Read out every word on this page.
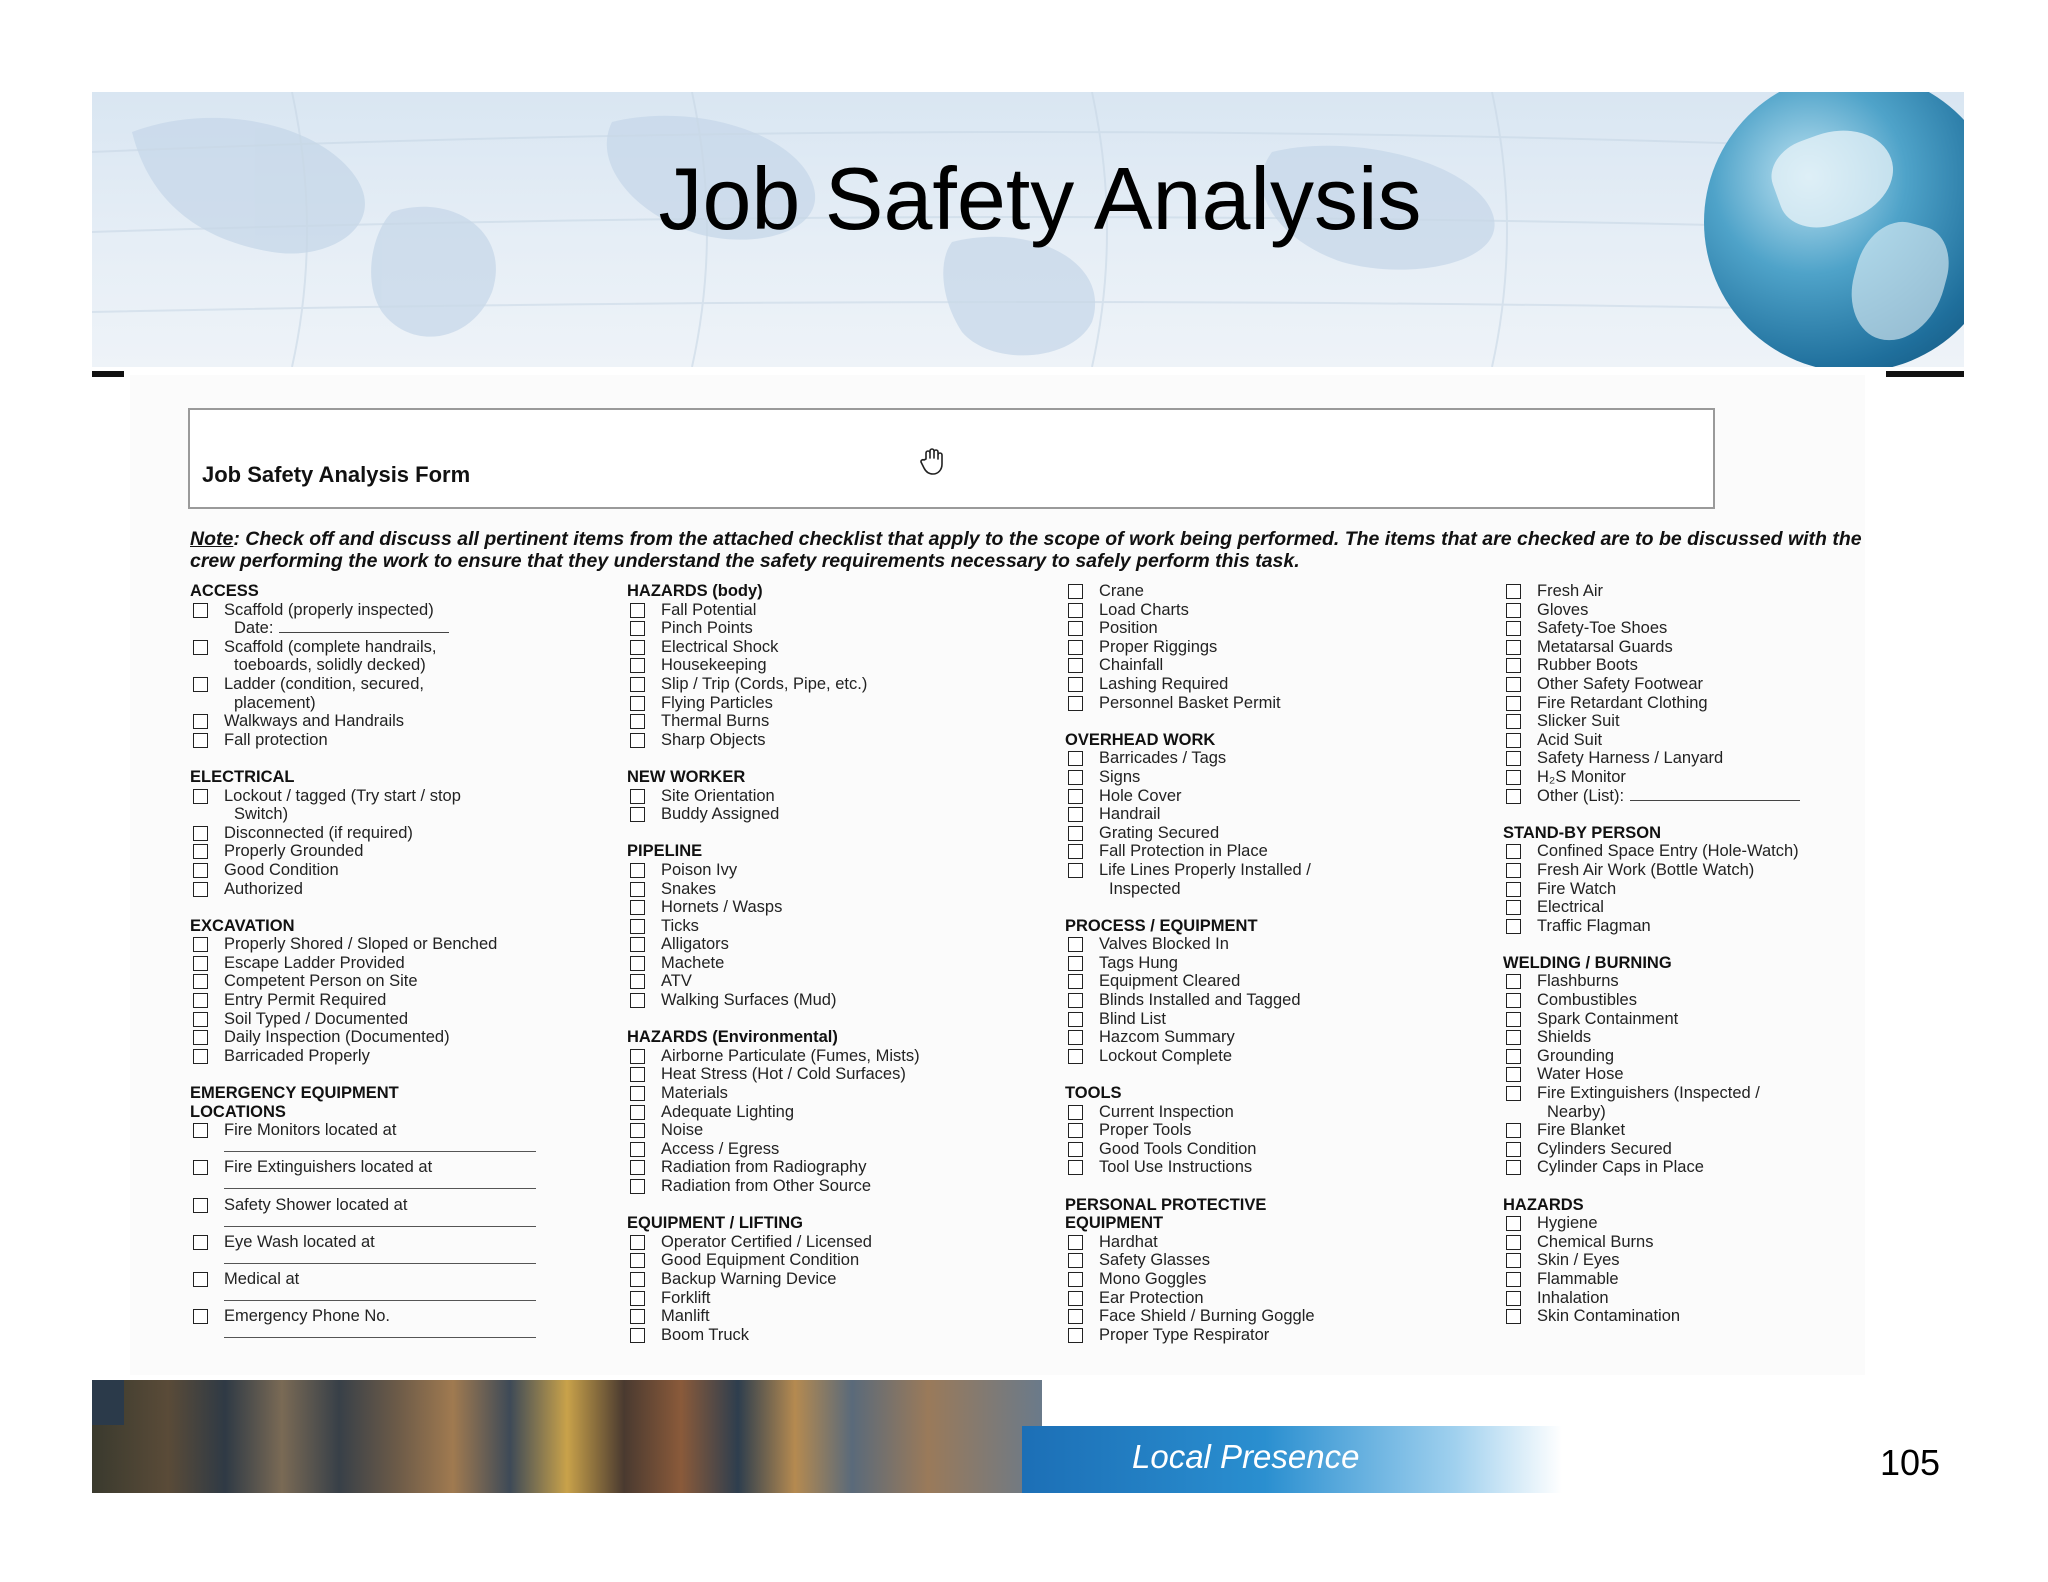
Job Safety Analysis
Job Safety Analysis Form
Note: Check off and discuss all pertinent items from the attached checklist that apply to the scope of work being performed. The items that are checked are to be discussed with the crew performing the work to ensure that they understand the safety requirements necessary to safely perform this task.
ACCESS
Scaffold (properly inspected)
Date:
Scaffold (complete handrails,
toeboards, solidly decked)
Ladder (condition, secured,
placement)
Walkways and Handrails
Fall protection
ELECTRICAL
Lockout / tagged (Try start / stop
Switch)
Disconnected (if required)
Properly Grounded
Good Condition
Authorized
EXCAVATION
Properly Shored / Sloped or Benched
Escape Ladder Provided
Competent Person on Site
Entry Permit Required
Soil Typed / Documented
Daily Inspection (Documented)
Barricaded Properly
EMERGENCY EQUIPMENT
LOCATIONS
Fire Monitors located at
Fire Extinguishers located at
Safety Shower located at
Eye Wash located at
Medical at
Emergency Phone No.
HAZARDS (body)
Fall Potential
Pinch Points
Electrical Shock
Housekeeping
Slip / Trip (Cords, Pipe, etc.)
Flying Particles
Thermal Burns
Sharp Objects
NEW WORKER
Site Orientation
Buddy Assigned
PIPELINE
Poison Ivy
Snakes
Hornets / Wasps
Ticks
Alligators
Machete
ATV
Walking Surfaces (Mud)
HAZARDS (Environmental)
Airborne Particulate (Fumes, Mists)
Heat Stress (Hot / Cold Surfaces)
Materials
Adequate Lighting
Noise
Access / Egress
Radiation from Radiography
Radiation from Other Source
EQUIPMENT / LIFTING
Operator Certified / Licensed
Good Equipment Condition
Backup Warning Device
Forklift
Manlift
Boom Truck
Crane
Load Charts
Position
Proper Riggings
Chainfall
Lashing Required
Personnel Basket Permit
OVERHEAD WORK
Barricades / Tags
Signs
Hole Cover
Handrail
Grating Secured
Fall Protection in Place
Life Lines Properly Installed /
Inspected
PROCESS / EQUIPMENT
Valves Blocked In
Tags Hung
Equipment Cleared
Blinds Installed and Tagged
Blind List
Hazcom Summary
Lockout Complete
TOOLS
Current Inspection
Proper Tools
Good Tools Condition
Tool Use Instructions
PERSONAL PROTECTIVE
EQUIPMENT
Hardhat
Safety Glasses
Mono Goggles
Ear Protection
Face Shield / Burning Goggle
Proper Type Respirator
Fresh Air
Gloves
Safety-Toe Shoes
Metatarsal Guards
Rubber Boots
Other Safety Footwear
Fire Retardant Clothing
Slicker Suit
Acid Suit
Safety Harness / Lanyard
H₂S Monitor
Other (List):
STAND-BY PERSON
Confined Space Entry (Hole-Watch)
Fresh Air Work (Bottle Watch)
Fire Watch
Electrical
Traffic Flagman
WELDING / BURNING
Flashburns
Combustibles
Spark Containment
Shields
Grounding
Water Hose
Fire Extinguishers (Inspected /
Nearby)
Fire Blanket
Cylinders Secured
Cylinder Caps in Place
HAZARDS
Hygiene
Chemical Burns
Skin / Eyes
Flammable
Inhalation
Skin Contamination
Local Presence	105
